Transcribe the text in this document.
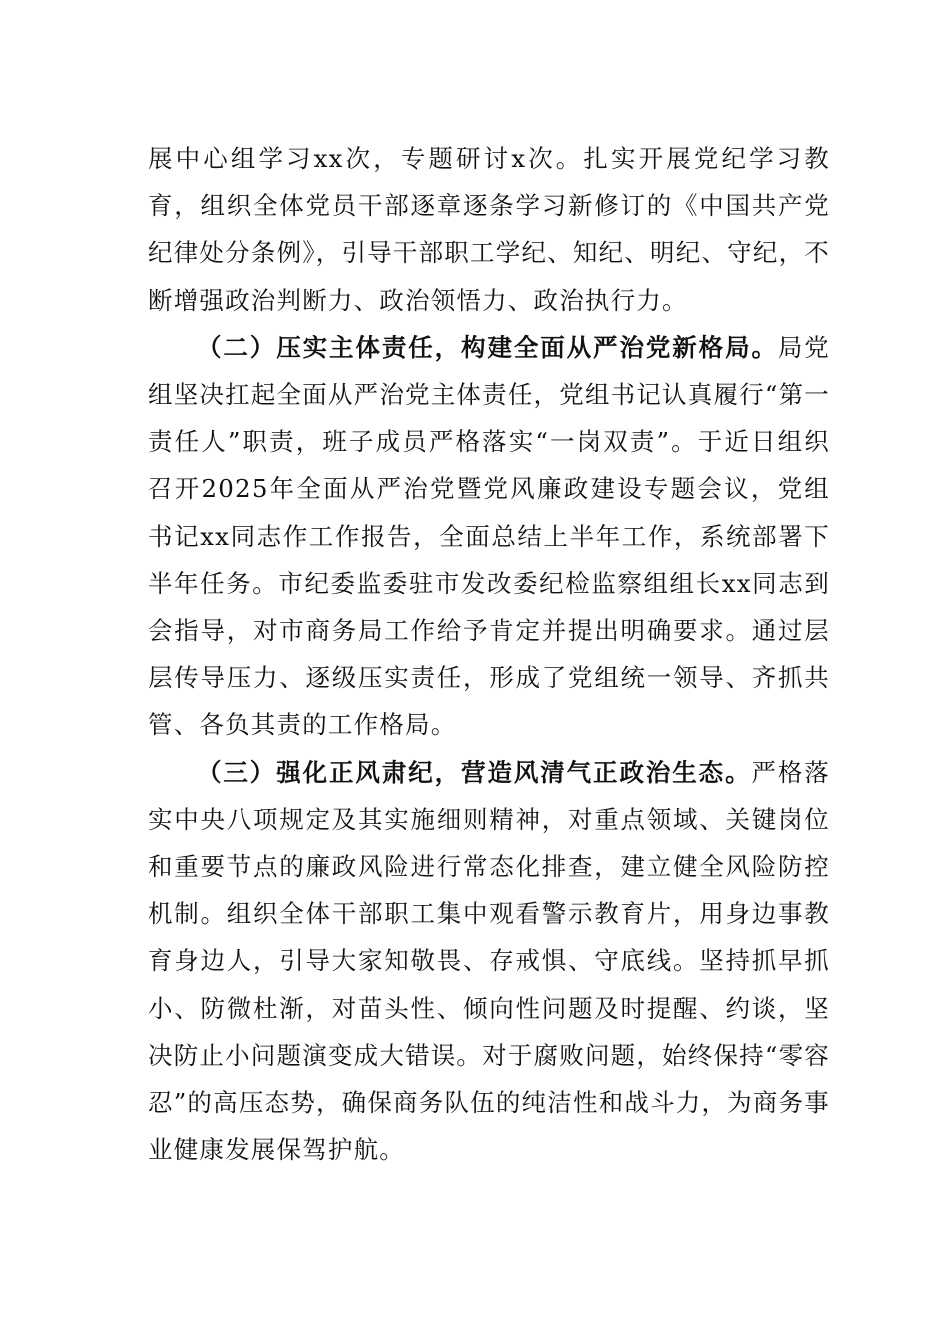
展中心组学习xx次，专题研讨x次。扎实开展党纪学习教育，组织全体党员干部逐章逐条学习新修订的《中国共产党纪律处分条例》，引导干部职工学纪、知纪、明纪、守纪，不断增强政治判断力、政治领悟力、政治执行力。

（二）压实主体责任，构建全面从严治党新格局。局党组坚决扛起全面从严治党主体责任，党组书记认真履行“第一责任人”职责，班子成员严格落实“一岗双责”。于近日组织召开2025年全面从严治党暨党风廉政建设专题会议，党组书记xx同志作工作报告，全面总结上半年工作，系统部署下半年任务。市纪委监委驻市发改委纪检监察组组长xx同志到会指导，对市商务局工作给予肯定并提出明确要求。通过层层传导压力、逐级压实责任，形成了党组统一领导、齐抓共管、各负其责的工作格局。

（三）强化正风肃纪，营造风清气正政治生态。严格落实中央八项规定及其实施细则精神，对重点领域、关键岗位和重要节点的廉政风险进行常态化排查，建立健全风险防控机制。组织全体干部职工集中观看警示教育片，用身边事教育身边人，引导大家知敬畏、存戒惧、守底线。坚持抓早抓小、防微杜渐，对苗头性、倾向性问题及时提醒、约谈，坚决防止小问题演变成大错误。对于腐败问题，始终保持“零容忍”的高压态势，确保商务队伍的纯洁性和战斗力，为商务事业健康发展保驾护航。
